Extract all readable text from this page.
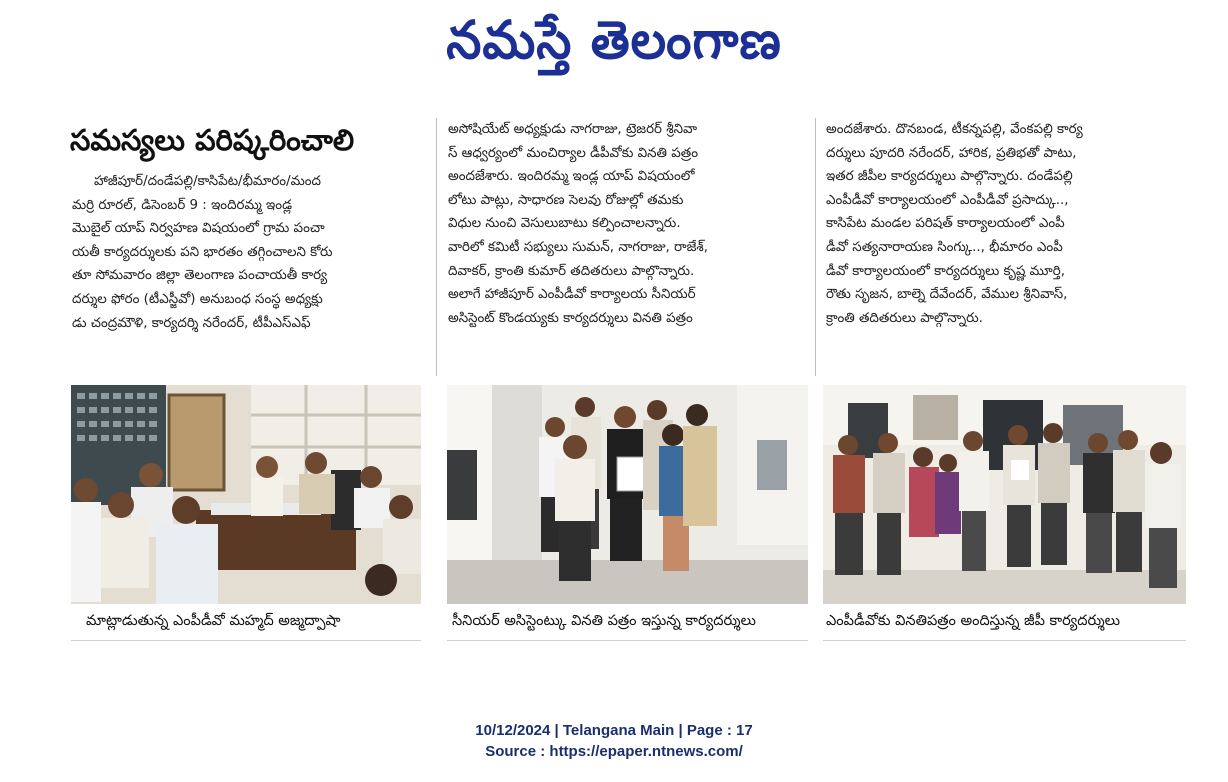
నమస్తే తెలంగాణ
సమస్యలు పరిష్కరించాలి
హాజీపూర్/దండేపల్లి/కాసిపేట/భీమారం/మంద
మర్రి రూరల్, డిసెంబర్ 9 : ఇందిరమ్మ ఇండ్ల
మొబైల్ యాప్ నిర్వహణ విషయంలో గ్రామ పంచా
యతీ కార్యదర్శులకు పని భారతం తగ్గించాలని కోరు
తూ సోమవారం జిల్లా తెలంగాణ పంచాయతీ కార్య
దర్శుల ఫోరం (టీఎస్జీవో) అనుబంధ సంస్థ అధ్యక్షు
డు చంద్రమౌళి, కార్యదర్శి నరేందర్, టీపీఎస్ఎఫ్
అసోషియేట్ అధ్యక్షుడు నాగరాజు, ట్రెజరర్ శ్రీనివా
స్ ఆధ్వర్యంలో మంచిర్యాల డీపీవోకు వినతి పత్రం
అందజేశారు. ఇందిరమ్మ ఇండ్ల యాప్ విషయంలో
లోటు పాట్లు, సాధారణ సెలవు రోజుల్లో తమకు
విధుల నుంచి వెసులుబాటు కల్పించాలన్నారు.
వారిలో కమిటీ సభ్యులు సుమన్, నాగరాజు, రాజేశ్,
దివాకర్, క్రాంతి కుమార్ తదితరులు పాల్గొన్నారు.
అలాగే హాజీపూర్ ఎంపీడీవో కార్యాలయ సీనియర్
అసిస్టెంట్ కొండయ్యకు కార్యదర్శులు వినతి పత్రం
అందజేశారు. దొనబండ, టీకన్నపల్లి, వేంకపల్లి కార్య
దర్శులు పూదరి నరేందర్, హారిక, ప్రతిభతో పాటు,
ఇతర జీపీల కార్యదర్శులు పాల్గొన్నారు. దండేపల్లి
ఎంపీడీవో కార్యాలయంలో ఎంపీడీవో ప్రసాద్కు..,
కాసిపేట మండల పరిషత్ కార్యాలయంలో ఎంపీ
డీవో సత్యనారాయణ సింగ్కు.., భీమారం ఎంపీ
డీవో కార్యాలయంలో కార్యదర్శులు కృష్ణ మూర్తి,
రౌతు సృజన, బాల్నె దేవేందర్, వేముల శ్రీనివాస్,
క్రాంతి తదితరులు పాల్గొన్నారు.
మాట్లాడుతున్న ఎంపీడీవో మహ్మద్ అజ్మద్పాషా	సీనియర్ అసిస్టెంట్కు వినతి పత్రం ఇస్తున్న కార్యదర్శులు	ఎంపీడీవోకు వినతిపత్రం అందిస్తున్న జీపీ కార్యదర్శులు
10/12/2024 | Telangana Main | Page : 17
Source : https://epaper.ntnews.com/
